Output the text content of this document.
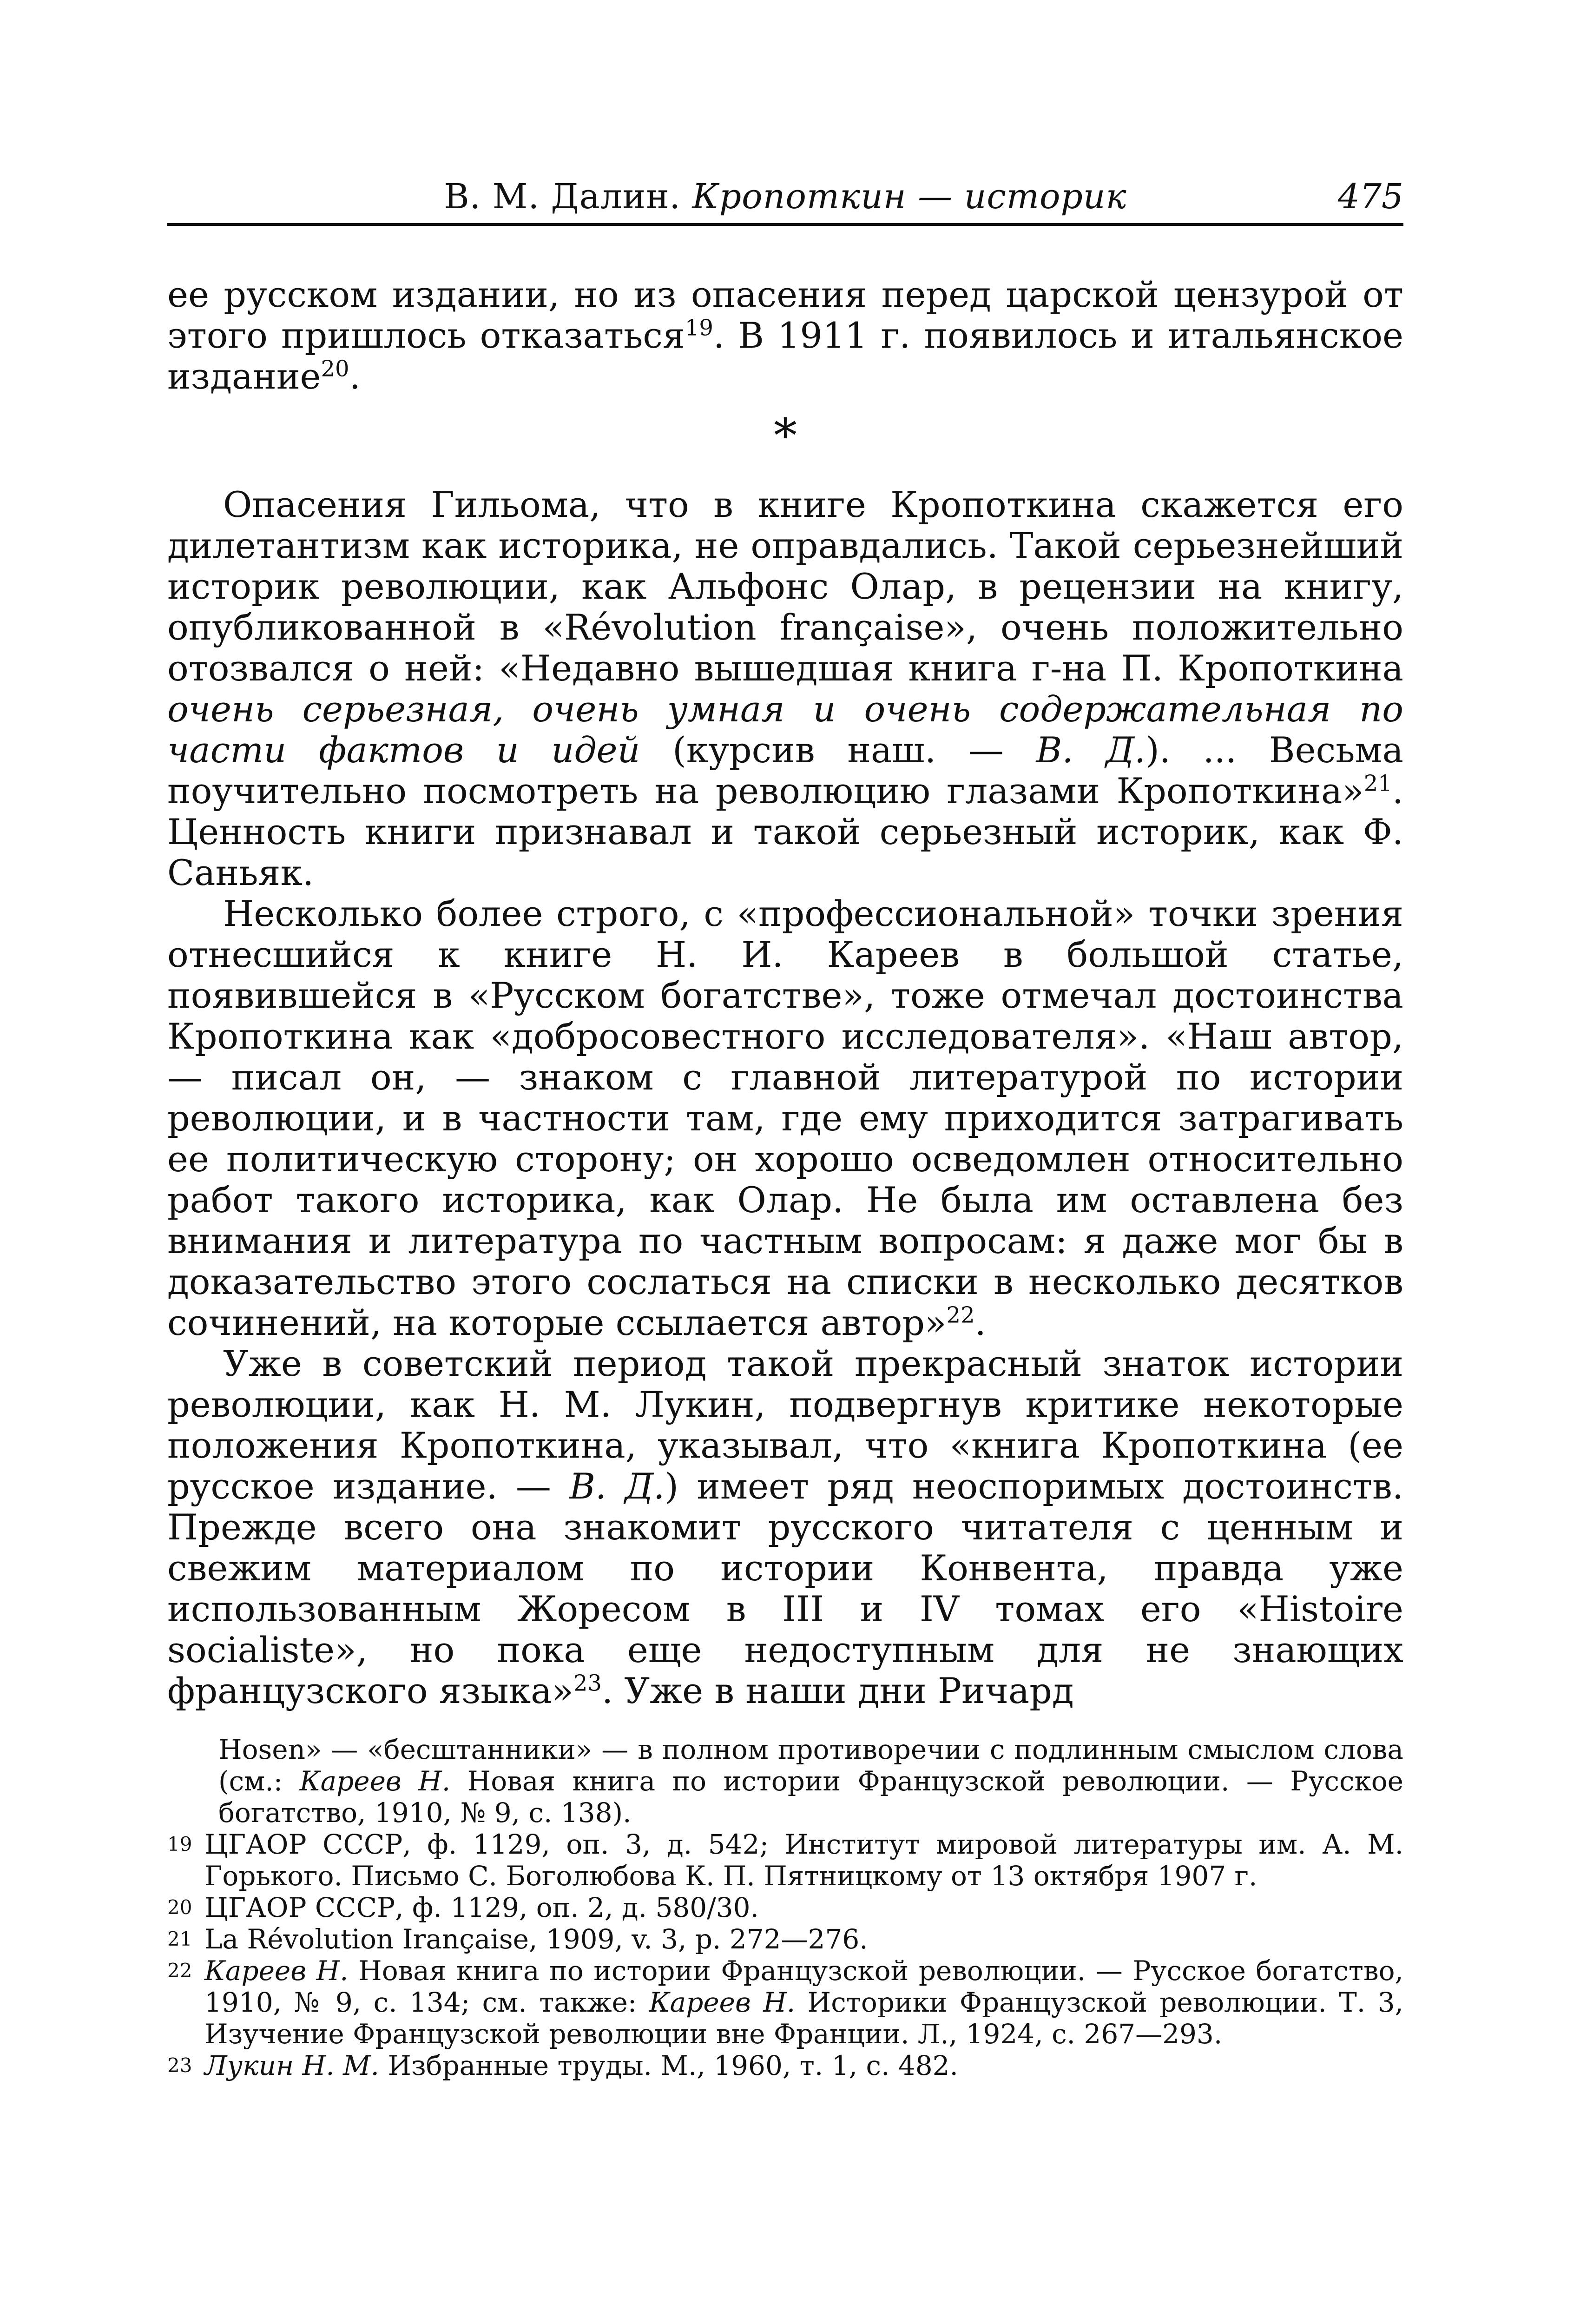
В. М. Далин. Кропоткин — историк	475

ее русском издании, но из опасения перед царской цензурой от этого пришлось отказаться$^{19}$. В 1911 г. появилось и итальянское издание$^{20}$.

*

Опасения Гильома, что в книге Кропоткина скажется его дилетантизм как историка, не оправдались. Такой серьезнейший историк революции, как Альфонс Олар, в рецензии на книгу, опубликованной в «Révolution française», очень положительно отозвался о ней: «Недавно вышедшая книга г-на П. Кропоткина очень серьезная, очень умная и очень содержательная по части фактов и идей (курсив наш. — В. Д.). ... Весьма поучительно посмотреть на революцию глазами Кропоткина»$^{21}$. Ценность книги признавал и такой серьезный историк, как Ф. Саньяк.

Несколько более строго, с «профессиональной» точки зрения отнесшийся к книге Н. И. Кареев в большой статье, появившейся в «Русском богатстве», тоже отмечал достоинства Кропоткина как «добросовестного исследователя». «Наш автор, — писал он, — знаком с главной литературой по истории революции, и в частности там, где ему приходится затрагивать ее политическую сторону; он хорошо осведомлен относительно работ такого историка, как Олар. Не была им оставлена без внимания и литература по частным вопросам: я даже мог бы в доказательство этого сослаться на списки в несколько десятков сочинений, на которые ссылается автор»$^{22}$.

Уже в советский период такой прекрасный знаток истории революции, как Н. М. Лукин, подвергнув критике некоторые положения Кропоткина, указывал, что «книга Кропоткина (ее русское издание. — В. Д.) имеет ряд неоспоримых достоинств. Прежде всего она знакомит русского читателя с ценным и свежим материалом по истории Конвента, правда уже использованным Жоресом в III и IV томах его «Histoire socialiste», но пока еще недоступным для не знающих французского языка»$^{23}$. Уже в наши дни Ричард

Hosen» — «бесштанники» — в полном противоречии с подлинным смыслом слова (см.: Кареев Н. Новая книга по истории Французской революции. — Русское богатство, 1910, № 9, с. 138).
19 ЦГАОР СССР, ф. 1129, оп. 3, д. 542; Институт мировой литературы им. А. М. Горького. Письмо С. Боголюбова К. П. Пятницкому от 13 октября 1907 г.
20 ЦГАОР СССР, ф. 1129, оп. 2, д. 580/30.
21 La Révolution Iranҫaise, 1909, v. 3, p. 272—276.
22 Кареев Н. Новая книга по истории Французской революции. — Русское богатство, 1910, № 9, с. 134; см. также: Кареев Н. Историки Французской революции. Т. 3, Изучение Французской революции вне Франции. Л., 1924, с. 267—293.
23 Лукин Н. М. Избранные труды. М., 1960, т. 1, с. 482.
